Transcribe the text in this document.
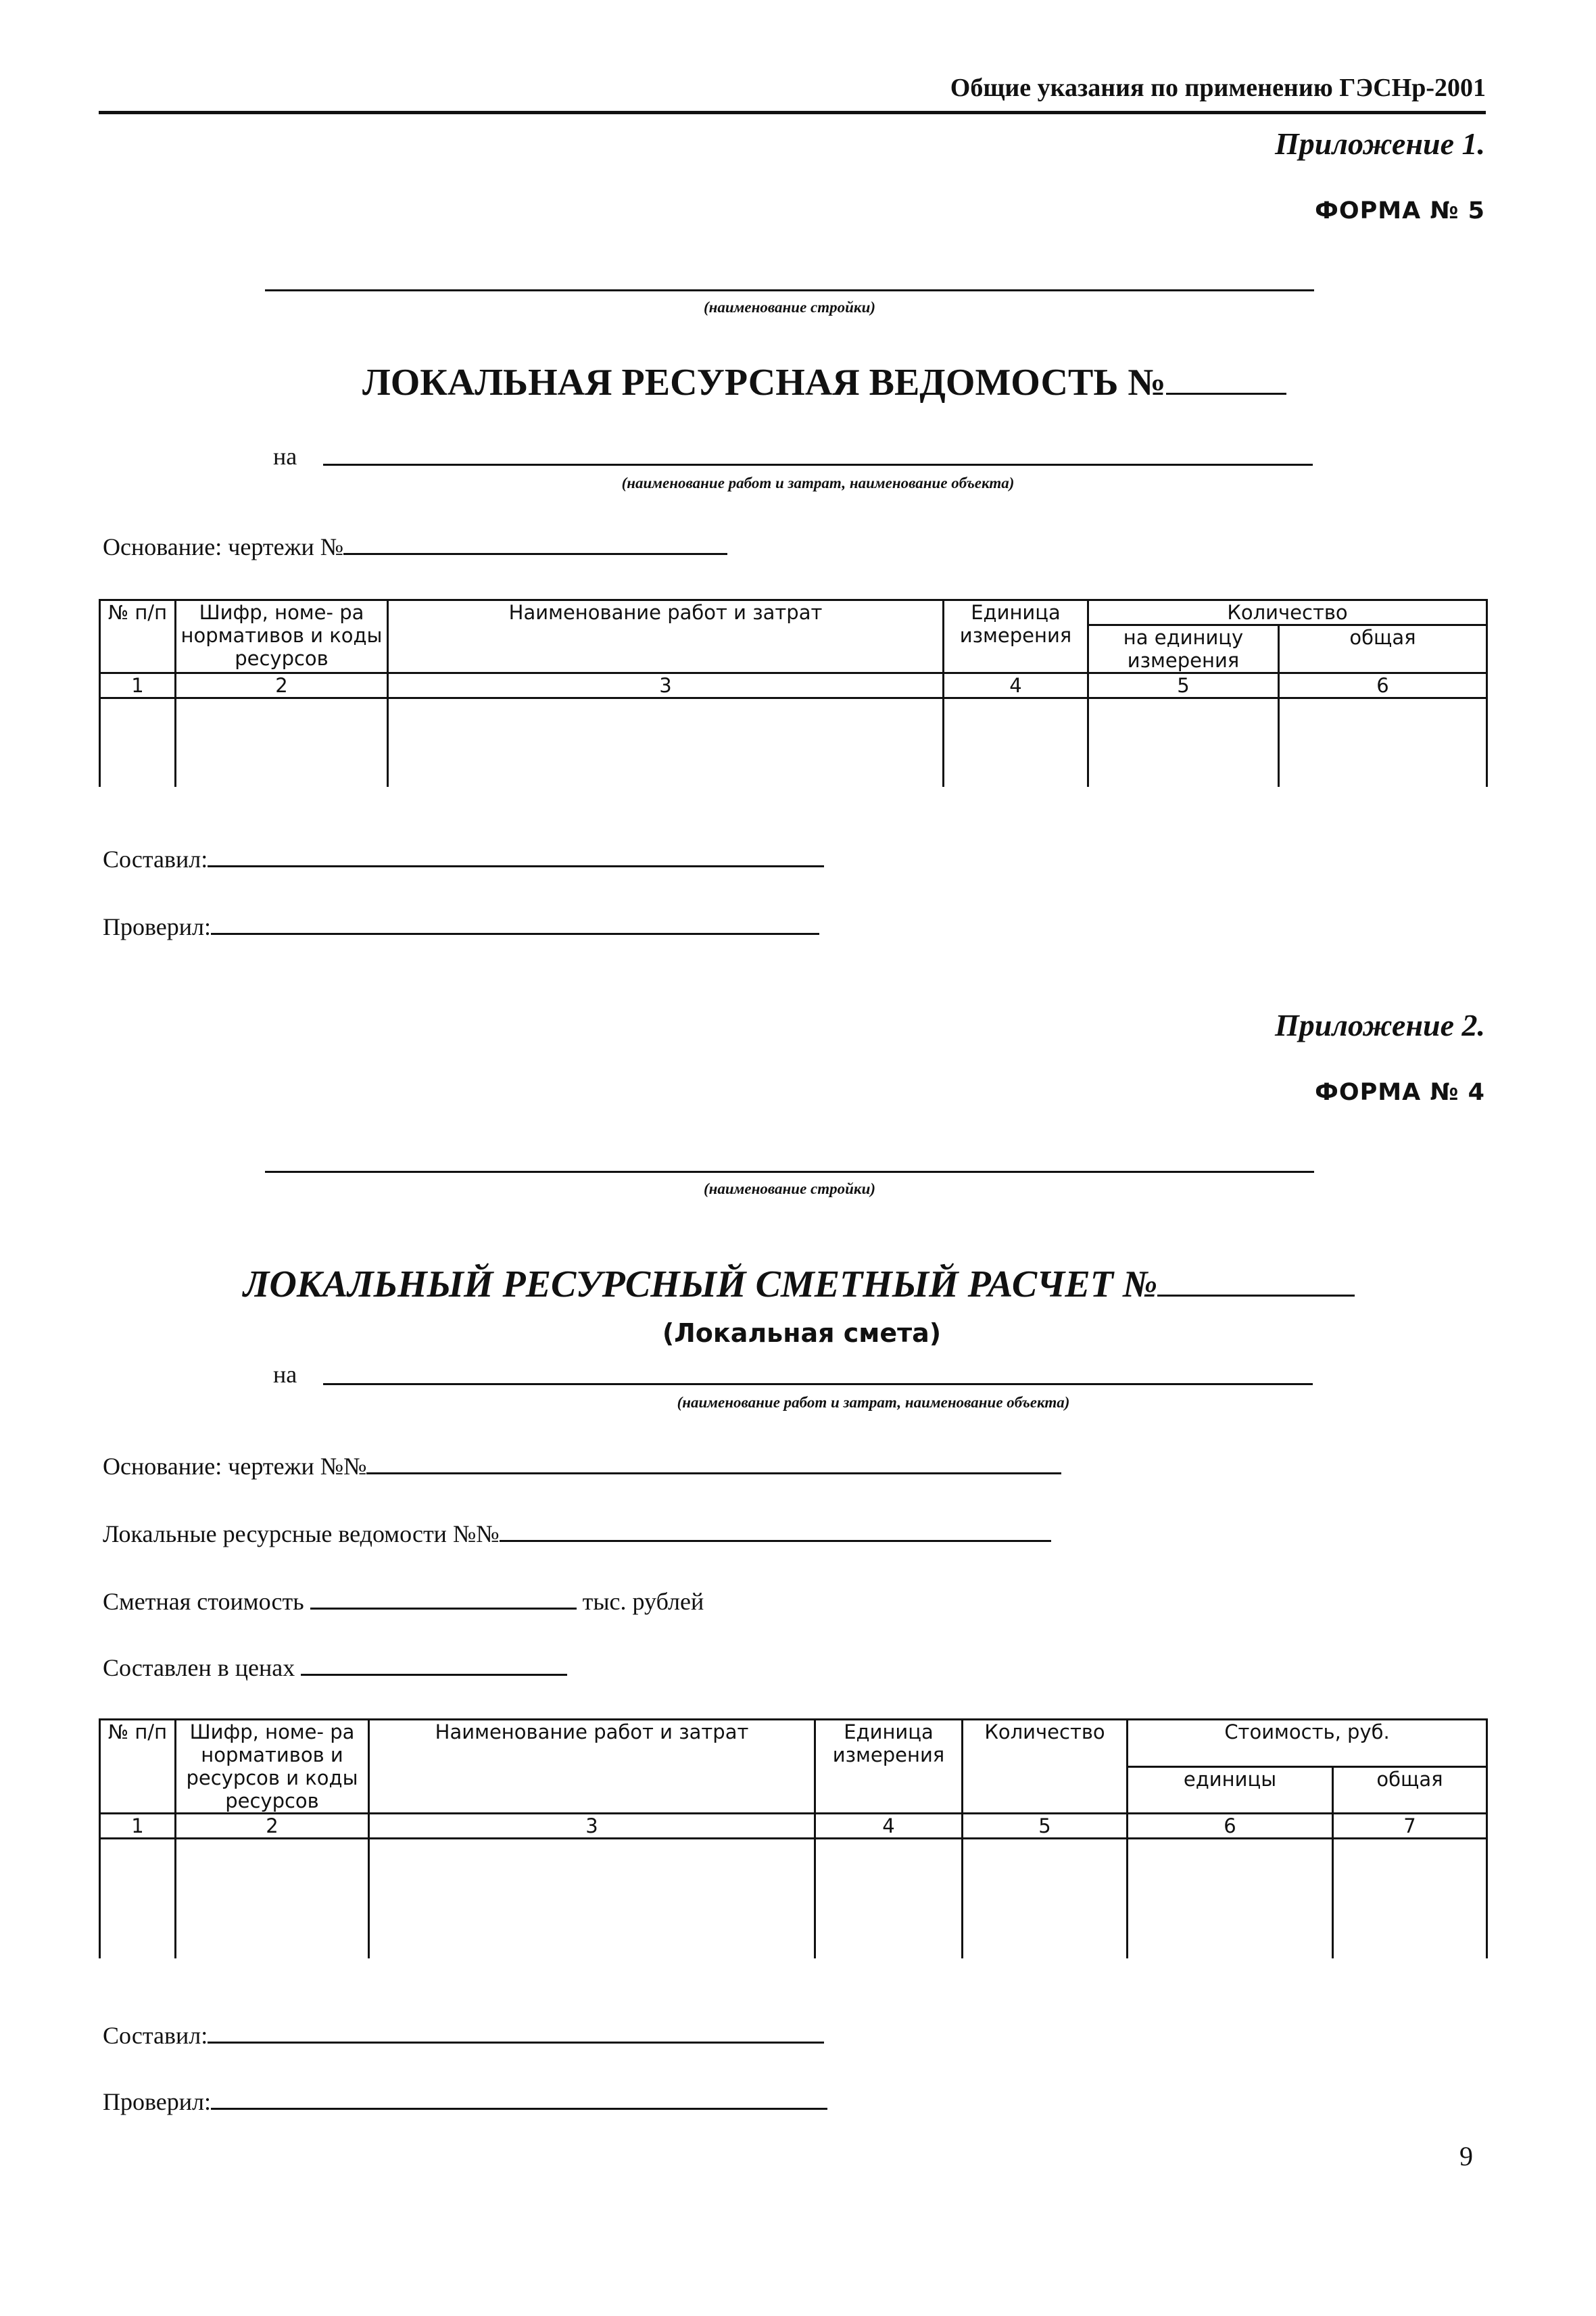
Общие указания по применению ГЭСНр-2001
Приложение 1.
ФОРМА № 5
(наименование стройки)
ЛОКАЛЬНАЯ РЕСУРСНАЯ ВЕДОМОСТЬ №
на
(наименование работ и затрат, наименование объекта)
Основание: чертежи №
№ п/п	Шифр, номе- ра нормативов и коды ресурсов	Наименование работ и затрат	Единица измерения	Количество	
				на единицу измерения	общая
1	2	3	4	5	6

Составил:
Проверил:
Приложение 2.
ФОРМА № 4
(наименование стройки)
ЛОКАЛЬНЫЙ РЕСУРСНЫЙ СМЕТНЫЙ РАСЧЕТ №
(Локальная смета)
на
(наименование работ и затрат, наименование объекта)
Основание: чертежи №№
Локальные ресурсные ведомости №№
Сметная стоимость	тыс. рублей
Составлен в ценах
№ п/п	Шифр, номе- ра нормативов и ресурсов и коды ресурсов	Наименование работ и затрат	Единица измерения	Количество	Стоимость, руб.	
					единицы	общая
1	2	3	4	5	6	7

Составил:
Проверил:
9
